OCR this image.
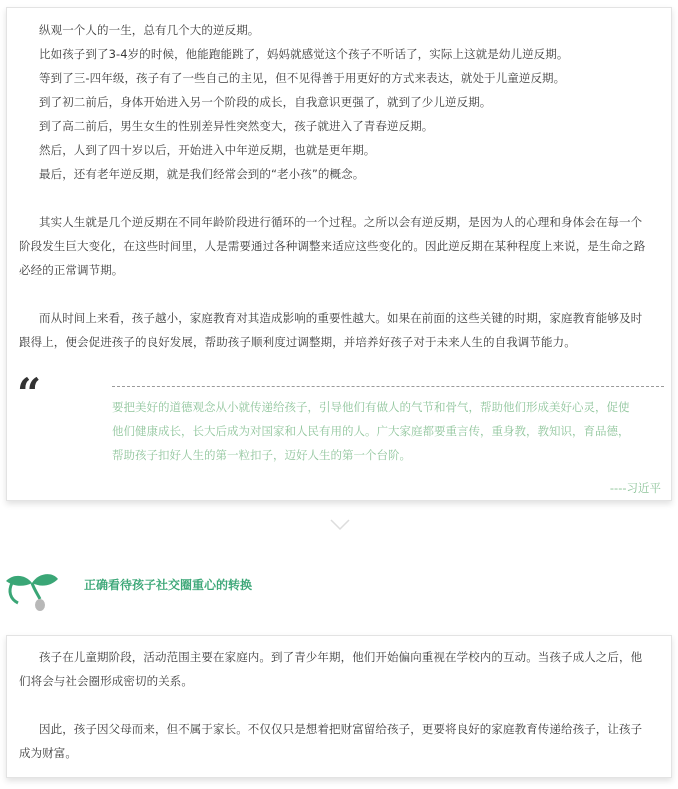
纵观一个人的一生，总有几个大的逆反期。
比如孩子到了3-4岁的时候，他能跑能跳了，妈妈就感觉这个孩子不听话了，实际上这就是幼儿逆反期。
等到了三-四年级，孩子有了一些自己的主见，但不见得善于用更好的方式来表达，就处于儿童逆反期。
到了初二前后，身体开始进入另一个阶段的成长，自我意识更强了，就到了少儿逆反期。
到了高二前后，男生女生的性别差异性突然变大，孩子就进入了青春逆反期。
然后，人到了四十岁以后，开始进入中年逆反期，也就是更年期。
最后，还有老年逆反期，就是我们经常会到的“老小孩”的概念。
其实人生就是几个逆反期在不同年龄阶段进行循环的一个过程。之所以会有逆反期，是因为人的心理和身体会在每一个
阶段发生巨大变化，在这些时间里，人是需要通过各种调整来适应这些变化的。因此逆反期在某种程度上来说，是生命之路
必经的正常调节期。
而从时间上来看，孩子越小，家庭教育对其造成影响的重要性越大。如果在前面的这些关键的时期，家庭教育能够及时
跟得上，便会促进孩子的良好发展，帮助孩子顺利度过调整期，并培养好孩子对于未来人生的自我调节能力。
“	要把美好的道德观念从小就传递给孩子，引导他们有做人的气节和骨气，帮助他们形成美好心灵，促使
他们健康成长，长大后成为对国家和人民有用的人。广大家庭都要重言传，重身教，教知识，育品德，
帮助孩子扣好人生的第一粒扣子，迈好人生的第一个台阶。
----习近平
正确看待孩子社交圈重心的转换
孩子在儿童期阶段，活动范围主要在家庭内。到了青少年期，他们开始偏向重视在学校内的互动。当孩子成人之后，他
们将会与社会圈形成密切的关系。
因此，孩子因父母而来，但不属于家长。不仅仅只是想着把财富留给孩子，更要将良好的家庭教育传递给孩子，让孩子
成为财富。
